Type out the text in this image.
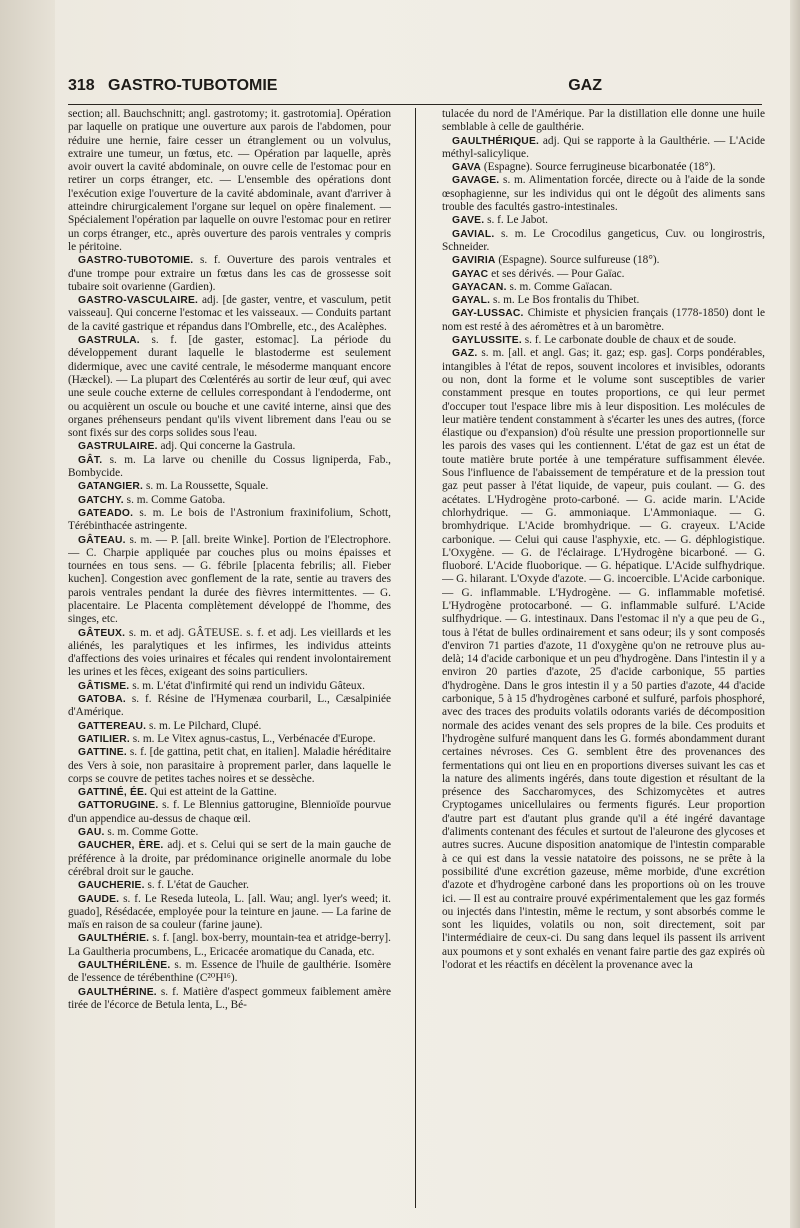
318 GASTRO-TUBOTOMIE	GAZ

section; all. Bauchschnitt; angl. gastrotomy; it. gastrotomia]. Opération par laquelle on pratique une ouverture aux parois de l'abdomen, pour réduire une hernie, faire cesser un étranglement ou un volvulus, extraire une tumeur, un fœtus, etc. — Opération par laquelle, après avoir ouvert la cavité abdominale, on ouvre celle de l'estomac pour en retirer un corps étranger, etc. — L'ensemble des opérations dont l'exécution exige l'ouverture de la cavité abdominale, avant d'arriver à atteindre chirurgicalement l'organe sur lequel on opère finalement. — Spécialement l'opération par laquelle on ouvre l'estomac pour en retirer un corps étranger, etc., après ouverture des parois ventrales y compris le péritoine.

GASTRO-TUBOTOMIE. s. f. Ouverture des parois ventrales et d'une trompe pour extraire un fœtus dans les cas de grossesse soit tubaire soit ovarienne (Gardien).

GASTRO-VASCULAIRE. adj. [de gaster, ventre, et vasculum, petit vaisseau]. Qui concerne l'estomac et les vaisseaux. — Conduits partant de la cavité gastrique et répandus dans l'Ombrelle, etc., des Acalèphes.

GASTRULA. s. f. [de gaster, estomac]. La période du développement durant laquelle le blastoderme est seulement didermique, avec une cavité centrale, le mésoderme manquant encore (Hæckel). — La plupart des Cœlentérés au sortir de leur œuf, qui avec une seule couche externe de cellules correspondant à l'endoderme, ont ou acquièrent un oscule ou bouche et une cavité interne, ainsi que des organes préhenseurs pendant qu'ils vivent librement dans l'eau ou se sont fixés sur des corps solides sous l'eau.

GASTRULAIRE. adj. Qui concerne la Gastrula.

GÂT. s. m. La larve ou chenille du Cossus ligniperda, Fab., Bombycide.

GATANGIER. s. m. La Roussette, Squale.

GATCHY. s. m. Comme Gatoba.

GATEADO. s. m. Le bois de l'Astronium fraxinifolium, Schott, Térébinthacée astringente.

GÂTEAU. s. m. — P. [all. breite Winke]. Portion de l'Electrophore. — C. Charpie appliquée par couches plus ou moins épaisses et tournées en tous sens. — G. fébrile [placenta febrilis; all. Fieber kuchen]. Congestion avec gonflement de la rate, sentie au travers des parois ventrales pendant la durée des fièvres intermittentes. — G. placentaire. Le Placenta complètement développé de l'homme, des singes, etc.

GÂTEUX. s. m. et adj. GÂTEUSE. s. f. et adj. Les vieillards et les aliénés, les paralytiques et les infirmes, les individus atteints d'affections des voies urinaires et fécales qui rendent involontairement les urines et les fèces, exigeant des soins particuliers.

GÂTISME. s. m. L'état d'infirmité qui rend un individu Gâteux.

GATOBA. s. f. Résine de l'Hymenæa courbaril, L., Cæsalpiniée d'Amérique.

GATTEREAU. s. m. Le Pilchard, Clupé.

GATILIER. s. m. Le Vitex agnus-castus, L., Verbénacée d'Europe.

GATTINE. s. f. [de gattina, petit chat, en italien]. Maladie héréditaire des Vers à soie, non parasitaire à proprement parler, dans laquelle le corps se couvre de petites taches noires et se dessèche.

GATTINÉ, ÉE. Qui est atteint de la Gattine.

GATTORUGINE. s. f. Le Blennius gattorugine, Blennioïde pourvue d'un appendice au-dessus de chaque œil.

GAU. s. m. Comme Gotte.

GAUCHER, ÈRE. adj. et s. Celui qui se sert de la main gauche de préférence à la droite, par prédominance originelle anormale du lobe cérébral droit sur le gauche.

GAUCHERIE. s. f. L'état de Gaucher.

GAUDE. s. f. Le Reseda luteola, L. [all. Wau; angl. lyer's weed; it. guado], Résédacée, employée pour la teinture en jaune. — La farine de maïs en raison de sa couleur (farine jaune).

GAULTHÉRIE. s. f. [angl. box-berry, mountain-tea et atridge-berry]. La Gaultheria procumbens, L., Ericacée aromatique du Canada, etc.

GAULTHÉRILÈNE. s. m. Essence de l'huile de gaulthérie. Isomère de l'essence de térébenthine (C²⁰H¹⁶).

GAULTHÉRINE. s. f. Matière d'aspect gommeux faiblement amère tirée de l'écorce de Betula lenta, L., Bé-

tulacée du nord de l'Amérique. Par la distillation elle donne une huile semblable à celle de gaulthérie.

GAULTHÉRIQUE. adj. Qui se rapporte à la Gaulthérie. — L'Acide méthyl-salicylique.

GAVA (Espagne). Source ferrugineuse bicarbonatée (18°).

GAVAGE. s. m. Alimentation forcée, directe ou à l'aide de la sonde œsophagienne, sur les individus qui ont le dégoût des aliments sans trouble des facultés gastro-intestinales.

GAVE. s. f. Le Jabot.

GAVIAL. s. m. Le Crocodilus gangeticus, Cuv. ou longirostris, Schneider.

GAVIRIA (Espagne). Source sulfureuse (18°).

GAYAC et ses dérivés. — Pour Gaïac.

GAYACAN. s. m. Comme Gaïacan.

GAYAL. s. m. Le Bos frontalis du Thibet.

GAY-LUSSAC. Chimiste et physicien français (1778-1850) dont le nom est resté à des aéromètres et à un baromètre.

GAYLUSSITE. s. f. Le carbonate double de chaux et de soude.

GAZ. s. m. [all. et angl. Gas; it. gaz; esp. gas]. Corps pondérables, intangibles à l'état de repos, souvent incolores et invisibles, odorants ou non, dont la forme et le volume sont susceptibles de varier constamment presque en toutes proportions, ce qui leur permet d'occuper tout l'espace libre mis à leur disposition. Les molécules de leur matière tendent constamment à s'écarter les unes des autres, (force élastique ou d'expansion) d'où résulte une pression proportionnelle sur les parois des vases qui les contiennent. L'état de gaz est un état de toute matière brute portée à une température suffisamment élevée. Sous l'influence de l'abaissement de température et de la pression tout gaz peut passer à l'état liquide, de vapeur, puis coulant. — G. des acétates. L'Hydrogène proto-carboné. — G. acide marin. L'Acide chlorhydrique. — G. ammoniaque. L'Ammoniaque. — G. bromhydrique. L'Acide bromhydrique. — G. crayeux. L'Acide carbonique. — Celui qui cause l'asphyxie, etc. — G. déphlogistique. L'Oxygène. — G. de l'éclairage. L'Hydrogène bicarboné. — G. fluoboré. L'Acide fluoborique. — G. hépatique. L'Acide sulfhydrique. — G. hilarant. L'Oxyde d'azote. — G. incoercible. L'Acide carbonique. — G. inflammable. L'Hydrogène. — G. inflammable mofetisé. L'Hydrogène protocarboné. — G. inflammable sulfuré. L'Acide sulfhydrique. — G. intestinaux. Dans l'estomac il n'y a que peu de G., tous à l'état de bulles ordinairement et sans odeur; ils y sont composés d'environ 71 parties d'azote, 11 d'oxygène qu'on ne retrouve plus au-delà; 14 d'acide carbonique et un peu d'hydrogène. Dans l'intestin il y a environ 20 parties d'azote, 25 d'acide carbonique, 55 parties d'hydrogène. Dans le gros intestin il y a 50 parties d'azote, 44 d'acide carbonique, 5 à 15 d'hydrogènes carboné et sulfuré, parfois phosphoré, avec des traces des produits volatils odorants variés de décomposition normale des acides venant des sels propres de la bile. Ces produits et l'hydrogène sulfuré manquent dans les G. formés abondamment durant certaines névroses. Ces G. semblent être des provenances des fermentations qui ont lieu en en proportions diverses suivant les cas et la nature des aliments ingérés, dans toute digestion et résultant de la présence des Saccharomyces, des Schizomycètes et autres Cryptogames unicellulaires ou ferments figurés. Leur proportion d'autre part est d'autant plus grande qu'il a été ingéré davantage d'aliments contenant des fécules et surtout de l'aleurone des glycoses et autres sucres. Aucune disposition anatomique de l'intestin comparable à ce qui est dans la vessie natatoire des poissons, ne se prête à la possibilité d'une excrétion gazeuse, même morbide, d'une excrétion d'azote et d'hydrogène carboné dans les proportions où on les trouve ici. — Il est au contraire prouvé expérimentalement que les gaz formés ou injectés dans l'intestin, même le rectum, y sont absorbés comme le sont les liquides, volatils ou non, soit directement, soit par l'intermédiaire de ceux-ci. Du sang dans lequel ils passent ils arrivent aux poumons et y sont exhalés en venant faire partie des gaz expirés où l'odorat et les réactifs en décèlent la provenance avec la
